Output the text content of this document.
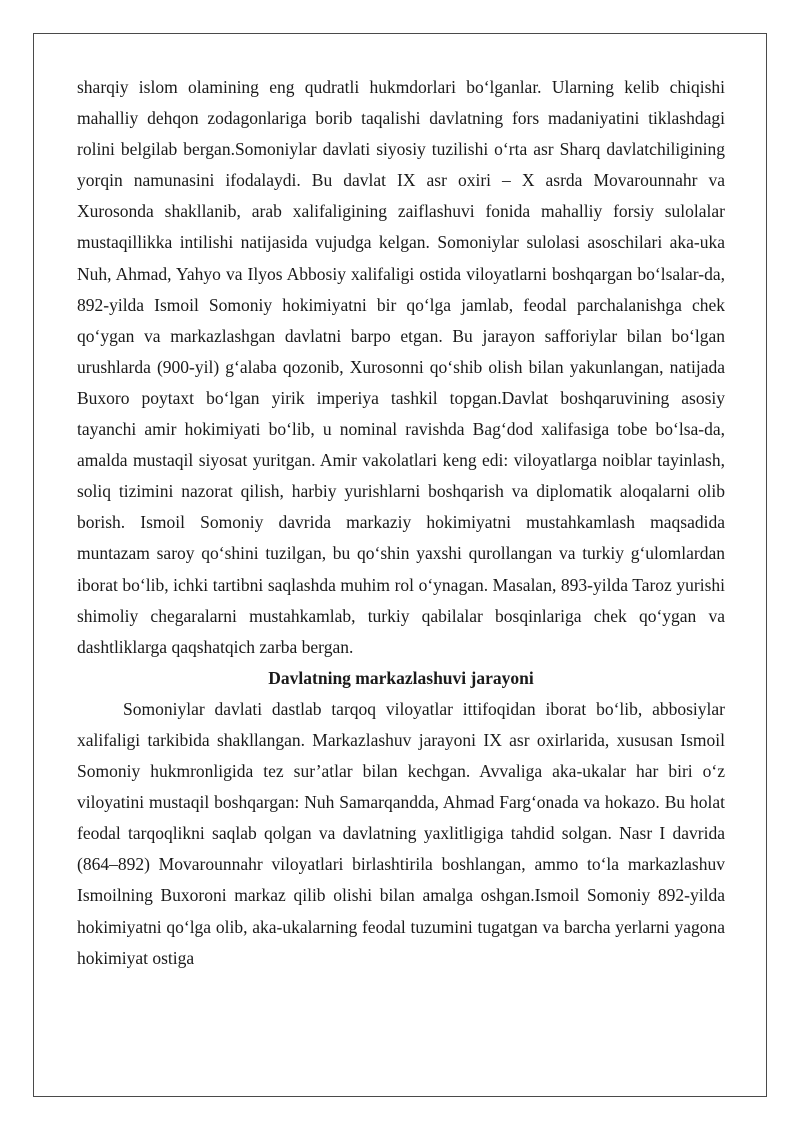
sharqiy islom olamining eng qudratli hukmdorlari bo‘lganlar. Ularning kelib chiqishi mahalliy dehqon zodagonlariga borib taqalishi davlatning fors madaniyatini tiklashdagi rolini belgilab bergan.Somoniylar davlati siyosiy tuzilishi o‘rta asr Sharq davlatchiligining yorqin namunasini ifodalaydi. Bu davlat IX asr oxiri – X asrda Movarounnahr va Xurosonda shakllanib, arab xalifaligining zaiflashuvi fonida mahalliy forsiy sulolalar mustaqillikka intilishi natijasida vujudga kelgan. Somoniylar sulolasi asoschilari aka-uka Nuh, Ahmad, Yahyo va Ilyos Abbosiy xalifaligi ostida viloyatlarni boshqargan bo‘lsalar-da, 892-yilda Ismoil Somoniy hokimiyatni bir qo‘lga jamlab, feodal parchalanishga chek qo‘ygan va markazlashgan davlatni barpo etgan. Bu jarayon safforiylar bilan bo‘lgan urushlarda (900-yil) g‘alaba qozonib, Xurosonni qo‘shib olish bilan yakunlangan, natijada Buxoro poytaxt bo‘lgan yirik imperiya tashkil topgan.Davlat boshqaruvining asosiy tayanchi amir hokimiyati bo‘lib, u nominal ravishda Bag‘dod xalifasiga tobe bo‘lsa-da, amalda mustaqil siyosat yuritgan. Amir vakolatlari keng edi: viloyatlarga noiblar tayinlash, soliq tizimini nazorat qilish, harbiy yurishlarni boshqarish va diplomatik aloqalarni olib borish. Ismoil Somoniy davrida markaziy hokimiyatni mustahkamlash maqsadida muntazam saroy qo‘shini tuzilgan, bu qo‘shin yaxshi qurollangan va turkiy g‘ulomlardan iborat bo‘lib, ichki tartibni saqlashda muhim rol o‘ynagan. Masalan, 893-yilda Taroz yurishi shimoliy chegaralarni mustahkamlab, turkiy qabilalar bosqinlariga chek qo‘ygan va dashtliklarga qaqshatqich zarba bergan.

Davlatning markazlashuvi jarayoni

Somoniylar davlati dastlab tarqoq viloyatlar ittifoqidan iborat bo‘lib, abbosiylar xalifaligi tarkibida shakllangan. Markazlashuv jarayoni IX asr oxirlarida, xususan Ismoil Somoniy hukmronligida tez sur’atlar bilan kechgan. Avvaliga aka-ukalar har biri o‘z viloyatini mustaqil boshqargan: Nuh Samarqandda, Ahmad Farg‘onada va hokazo. Bu holat feodal tarqoqlikni saqlab qolgan va davlatning yaxlitligiga tahdid solgan. Nasr I davrida (864–892) Movarounnahr viloyatlari birlashtirila boshlangan, ammo to‘la markazlashuv Ismoilning Buxoroni markaz qilib olishi bilan amalga oshgan.Ismoil Somoniy 892-yilda hokimiyatni qo‘lga olib, aka-ukalarning feodal tuzumini tugatgan va barcha yerlarni yagona hokimiyat ostiga
